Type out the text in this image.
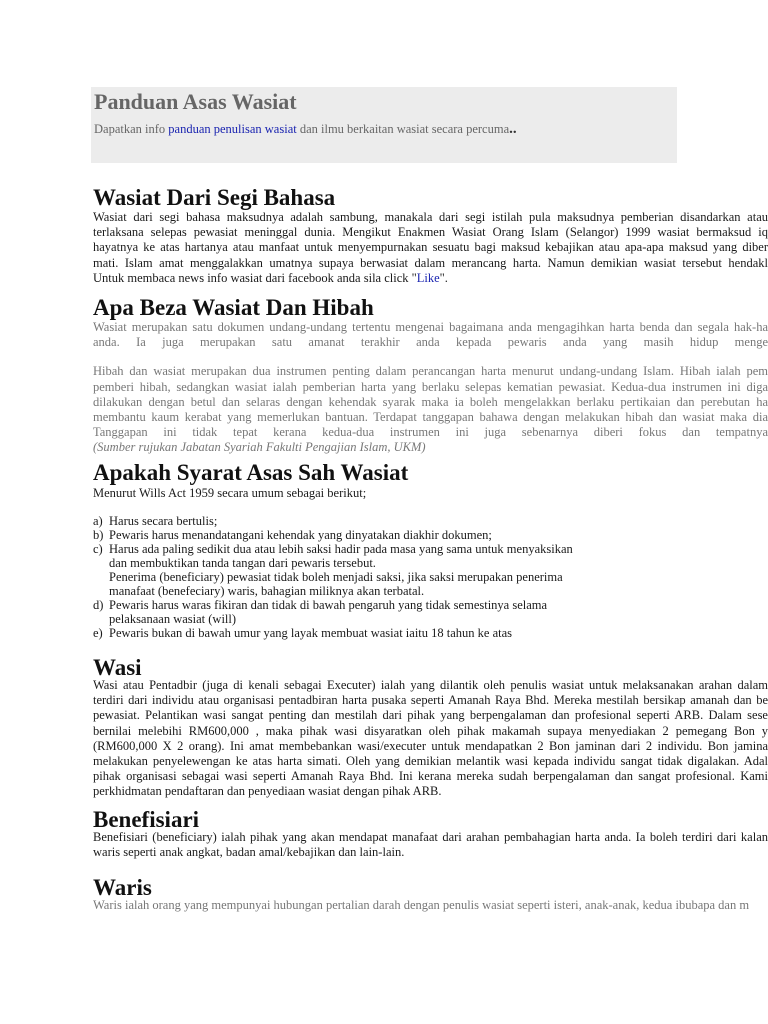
Panduan Asas Wasiat

Dapatkan info panduan penulisan wasiat dan ilmu berkaitan wasiat secara percuma..

Wasiat Dari Segi Bahasa
Wasiat dari segi bahasa maksudnya adalah sambung, manakala dari segi istilah pula maksudnya pemberian disandarkan atau
terlaksana selepas pewasiat meninggal dunia. Mengikut Enakmen Wasiat Orang Islam (Selangor) 1999 wasiat bermaksud iq
hayatnya ke atas hartanya atau manfaat untuk menyempurnakan sesuatu bagi maksud kebajikan atau apa-apa maksud yang diber
mati. Islam amat menggalakkan umatnya supaya berwasiat dalam merancang harta. Namun demikian wasiat tersebut hendakl
Untuk membaca news info wasiat dari facebook anda sila click "Like".
Apa Beza Wasiat Dan Hibah
Wasiat merupakan satu dokumen undang-undang tertentu mengenai bagaimana anda mengagihkan harta benda dan segala hak-ha
anda. Ia juga merupakan satu amanat terakhir anda kepada pewaris anda yang masih hidup menge
Hibah dan wasiat merupakan dua instrumen penting dalam perancangan harta menurut undang-undang Islam. Hibah ialah pem
pemberi hibah, sedangkan wasiat ialah pemberian harta yang berlaku selepas kematian pewasiat. Kedua-dua instrumen ini diga
dilakukan dengan betul dan selaras dengan kehendak syarak maka ia boleh mengelakkan berlaku pertikaian dan perebutan ha
membantu kaum kerabat yang memerlukan bantuan. Terdapat tanggapan bahawa dengan melakukan hibah dan wasiat maka dia
Tanggapan ini tidak tepat kerana kedua-dua instrumen ini juga sebenarnya diberi fokus dan tempatnya
(Sumber rujukan Jabatan Syariah Fakulti Pengajian Islam, UKM)
Apakah Syarat Asas Sah Wasiat
Menurut Wills Act 1959 secara umum sebagai berikut;
a) Harus secara bertulis;
b) Pewaris harus menandatangani kehendak yang dinyatakan diakhir dokumen;
c) Harus ada paling sedikit dua atau lebih saksi hadir pada masa yang sama untuk menyaksikan
dan membuktikan tanda tangan dari pewaris tersebut.
Penerima (beneficiary) pewasiat tidak boleh menjadi saksi, jika saksi merupakan penerima
manafaat (benefeciary) waris, bahagian miliknya akan terbatal.
d) Pewaris harus waras fikiran dan tidak di bawah pengaruh yang tidak semestinya selama
pelaksanaan wasiat (will)
e) Pewaris bukan di bawah umur yang layak membuat wasiat iaitu 18 tahun ke atas
Wasi
Wasi atau Pentadbir (juga di kenali sebagai Executer) ialah yang dilantik oleh penulis wasiat untuk melaksanakan arahan dalam
terdiri dari individu atau organisasi pentadbiran harta pusaka seperti Amanah Raya Bhd. Mereka mestilah bersikap amanah dan be
pewasiat. Pelantikan wasi sangat penting dan mestilah dari pihak yang berpengalaman dan profesional seperti ARB. Dalam sese
bernilai melebihi RM600,000 , maka pihak wasi disyaratkan oleh pihak makamah supaya menyediakan 2 pemegang Bon y
(RM600,000 X 2 orang). Ini amat membebankan wasi/executer untuk mendapatkan 2 Bon jaminan dari 2 individu. Bon jamina
melakukan penyelewengan ke atas harta simati. Oleh yang demikian melantik wasi kepada individu sangat tidak digalakan. Adal
pihak organisasi sebagai wasi seperti Amanah Raya Bhd. Ini kerana mereka sudah berpengalaman dan sangat profesional. Kami
perkhidmatan pendaftaran dan penyediaan wasiat dengan pihak ARB.
Benefisiari
Benefisiari (beneficiary) ialah pihak yang akan mendapat manafaat dari arahan pembahagian harta anda. Ia boleh terdiri dari kalan
waris seperti anak angkat, badan amal/kebajikan dan lain-lain.
Waris
Waris ialah orang yang mempunyai hubungan pertalian darah dengan penulis wasiat seperti isteri, anak-anak, kedua ibubapa dan m
